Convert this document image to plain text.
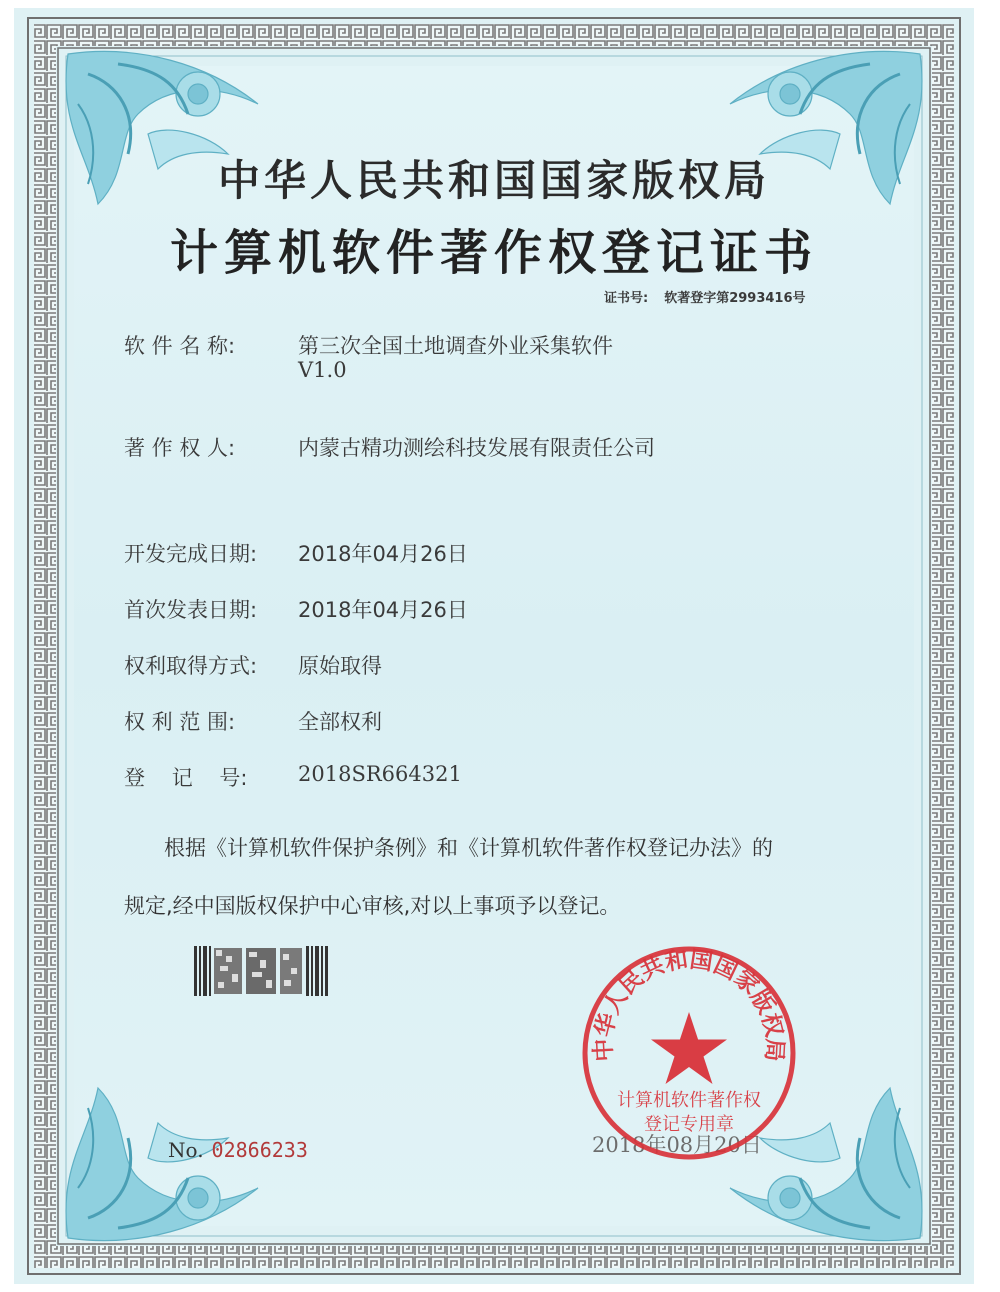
中华人民共和国国家版权局
计算机软件著作权登记证书
证书号: 软著登字第2993416号
软 件 名 称:	第三次全国土地调查外业采集软件
V1.0
著 作 权 人:	内蒙古精功测绘科技发展有限责任公司
开发完成日期: 2018年04月26日
首次发表日期: 2018年04月26日
权利取得方式: 原始取得
权 利 范 围:	全部权利
登    记    号: 2018SR664321
根据《计算机软件保护条例》和《计算机软件著作权登记办法》的
规定,经中国版权保护中心审核,对以上事项予以登记。
No. 02866233	2018年08月20日
中华人民共和国国家版权局
计算机软件著作权
登记专用章
